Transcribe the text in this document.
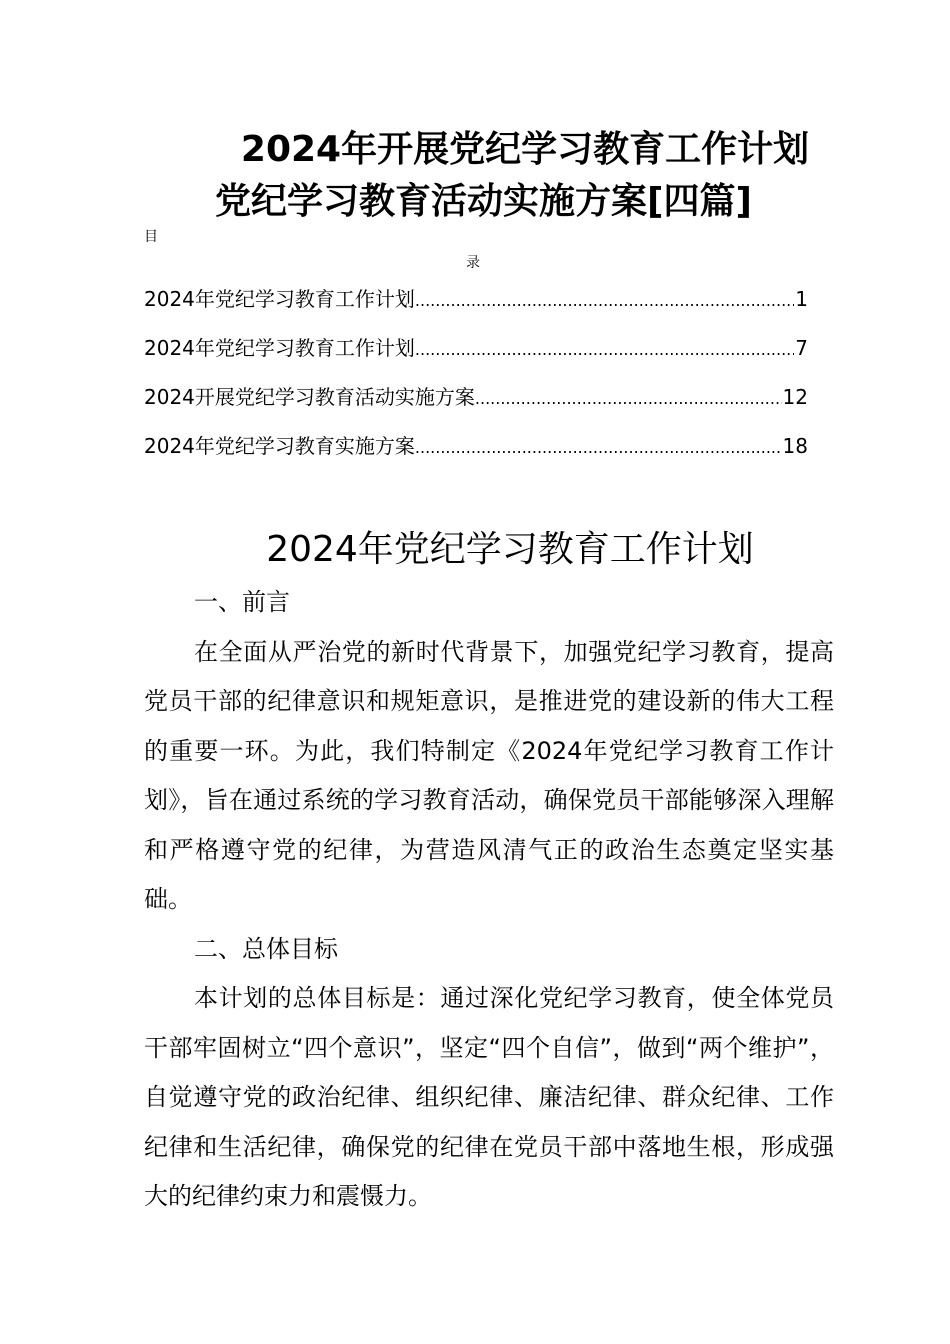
2024年开展党纪学习教育工作计划
党纪学习教育活动实施方案[四篇]
目
录
2024年党纪学习教育工作计划 .....	1
2024年党纪学习教育工作计划 .....	7
2024开展党纪学习教育活动实施方案 .....	12
2024年党纪学习教育实施方案 .....	18
2024年党纪学习教育工作计划

一、前言

在全面从严治党的新时代背景下，加强党纪学习教育，提高党员干部的纪律意识和规矩意识，是推进党的建设新的伟大工程的重要一环。为此，我们特制定《2024年党纪学习教育工作计划》，旨在通过系统的学习教育活动，确保党员干部能够深入理解和严格遵守党的纪律，为营造风清气正的政治生态奠定坚实基础。

二、总体目标

本计划的总体目标是：通过深化党纪学习教育，使全体党员干部牢固树立“四个意识”，坚定“四个自信”，做到“两个维护”，自觉遵守党的政治纪律、组织纪律、廉洁纪律、群众纪律、工作纪律和生活纪律，确保党的纪律在党员干部中落地生根，形成强大的纪律约束力和震慑力。
